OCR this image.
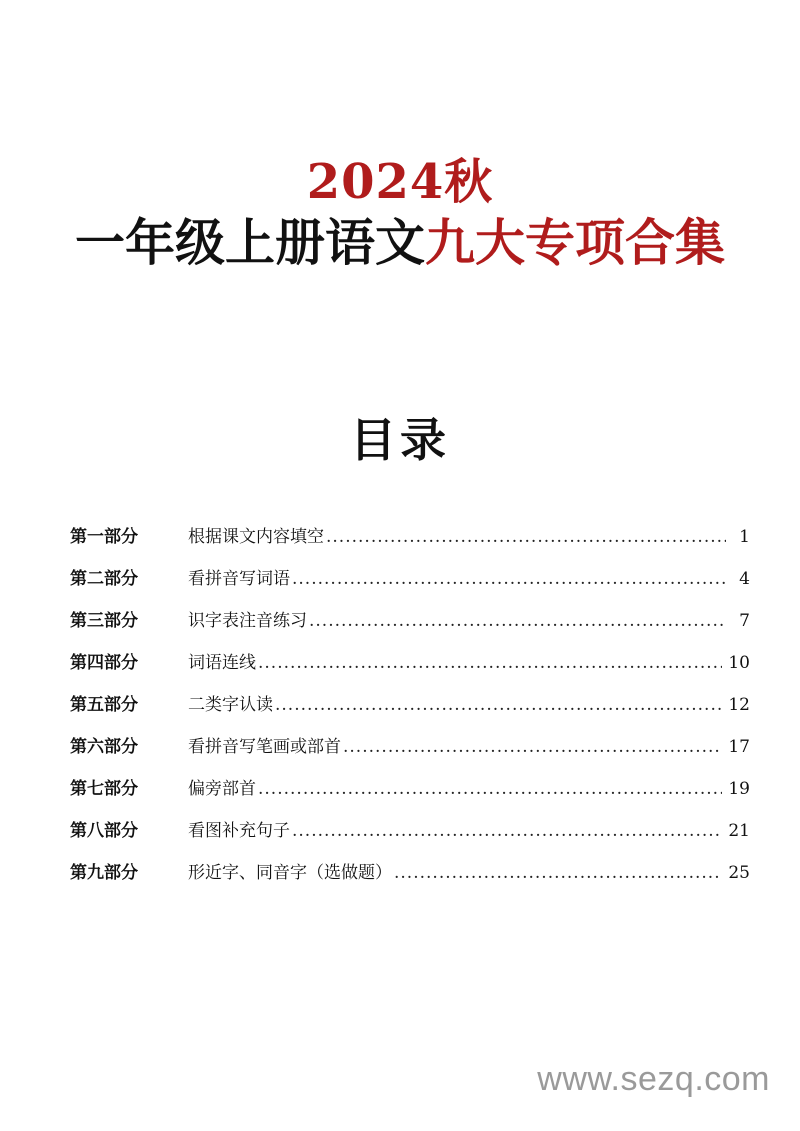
2024秋
一年级上册语文九大专项合集
目录
第一部分	根据课文内容填空 .....	1
第二部分	看拼音写词语 .....	4
第三部分	识字表注音练习 .....	7
第四部分	词语连线 .....	10
第五部分	二类字认读 .....	12
第六部分	看拼音写笔画或部首 .....	17
第七部分	偏旁部首 .....	19
第八部分	看图补充句子 .....	21
第九部分	形近字、同音字（选做题） .....	25
www.sezq.com
